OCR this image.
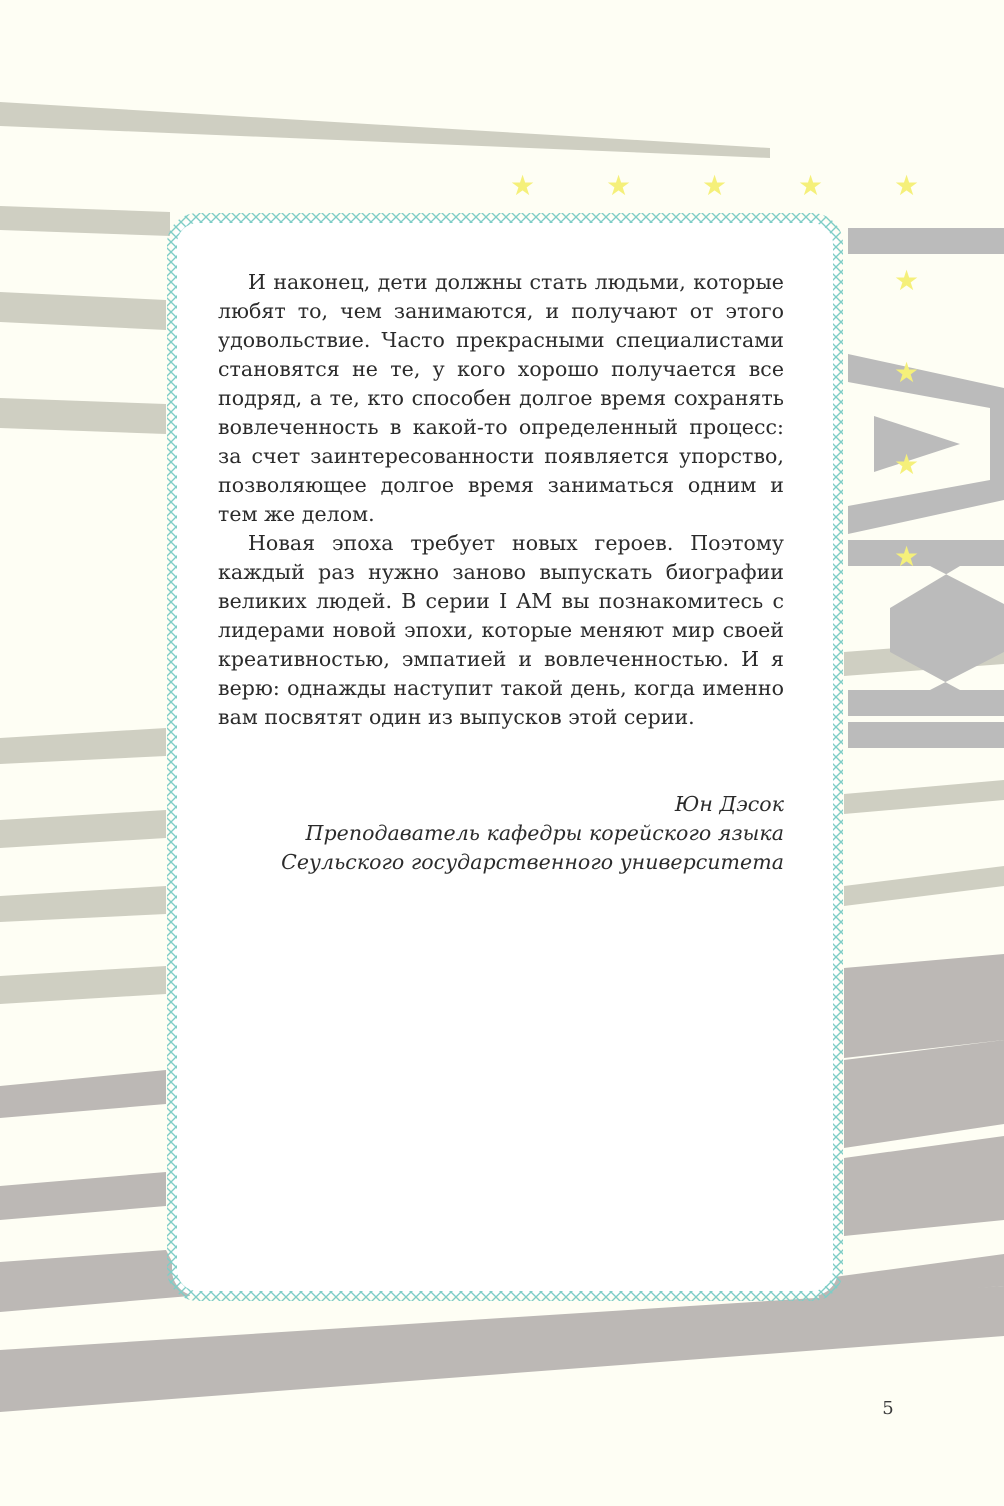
★	★	★	★	★
★
★
★
★

И наконец, дети должны стать людьми, которые любят то, чем занимаются, и получают от этого удовольствие. Часто прекрасными специалистами становятся не те, у кого хорошо получается все подряд, а те, кто способен долгое время сохранять вовлеченность в какой-то определенный процесс: за счет заинтересованности появляется упорство, позволяющее долгое время заниматься одним и тем же делом.

Новая эпоха требует новых героев. Поэтому каждый раз нужно заново выпускать биографии великих людей. В серии I AM вы познакомитесь с лидерами новой эпохи, которые меняют мир своей креативностью, эмпатией и вовлеченностью. И я верю: однажды наступит такой день, когда именно вам посвятят один из выпусков этой серии.

Юн Дэсок
Преподаватель кафедры корейского языка
Сеульского государственного университета
5
